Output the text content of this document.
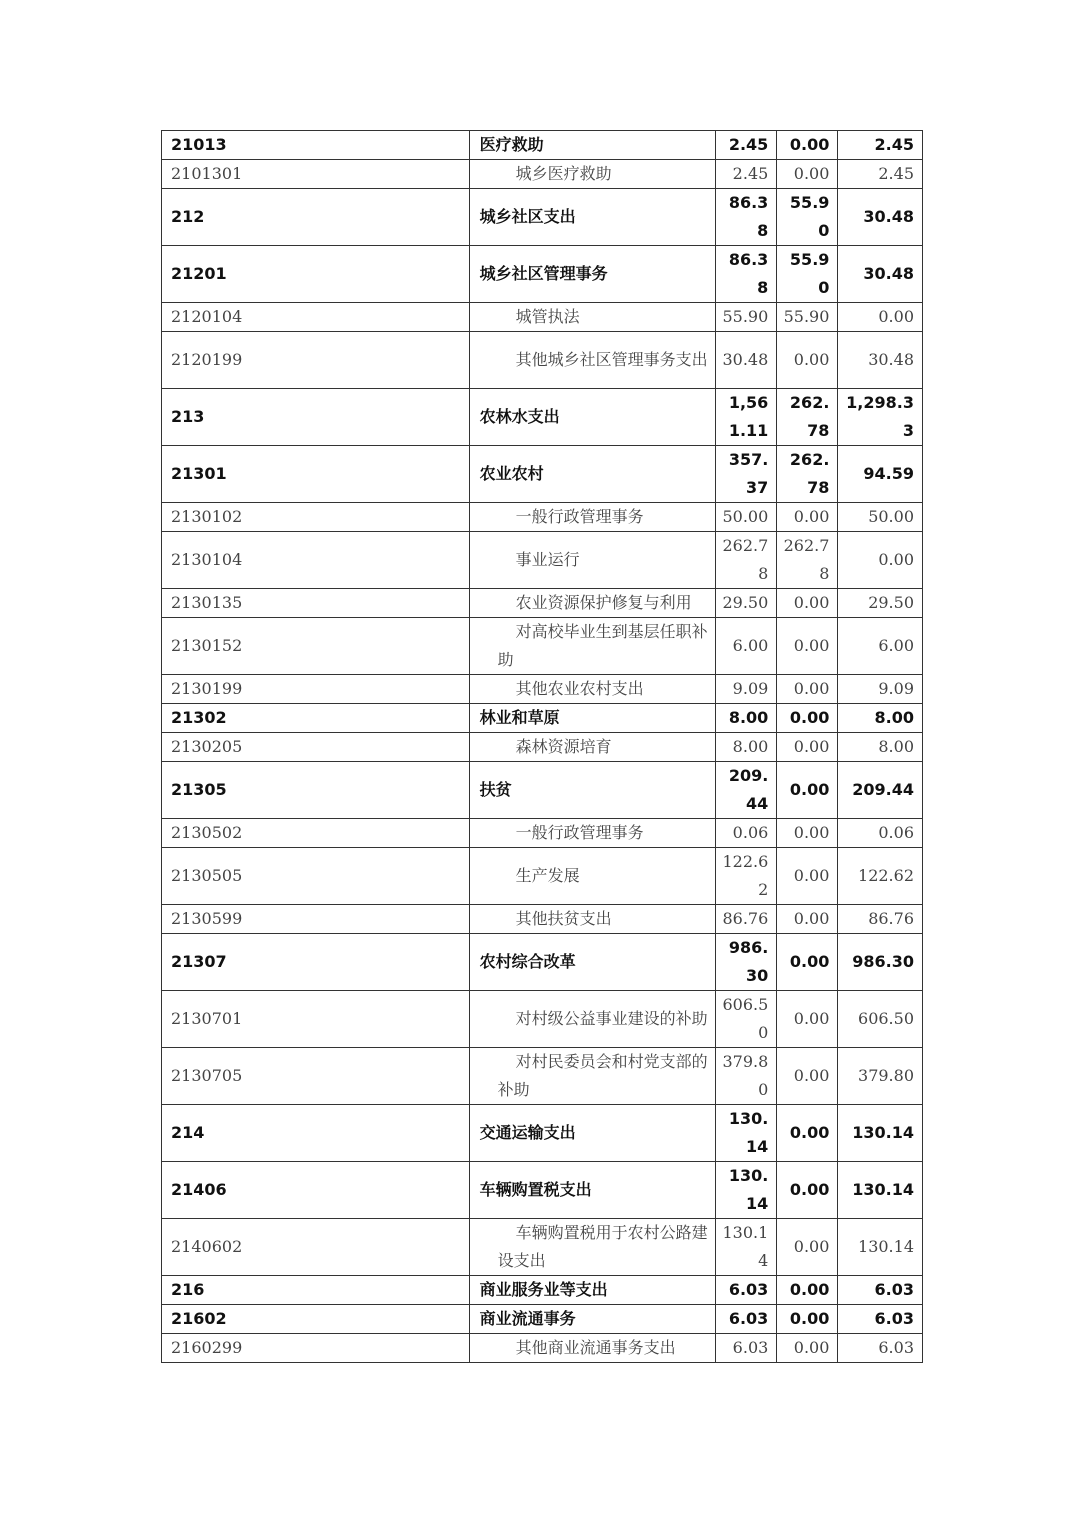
21013	医疗救助	2.45	0.00	2.45
2101301	城乡医疗救助	2.45	0.00	2.45
212	城乡社区支出	86.38	55.90	30.48
21201	城乡社区管理事务	86.38	55.90	30.48
2120104	城管执法	55.90	55.90	0.00
2120199	其他城乡社区管理事务支出	30.48	0.00	30.48
213	农林水支出	1,561.11	262.78	1,298.33
21301	农业农村	357.37	262.78	94.59
2130102	一般行政管理事务	50.00	0.00	50.00
2130104	事业运行	262.78	262.78	0.00
2130135	农业资源保护修复与利用	29.50	0.00	29.50
2130152	对高校毕业生到基层任职补助	6.00	0.00	6.00
2130199	其他农业农村支出	9.09	0.00	9.09
21302	林业和草原	8.00	0.00	8.00
2130205	森林资源培育	8.00	0.00	8.00
21305	扶贫	209.44	0.00	209.44
2130502	一般行政管理事务	0.06	0.00	0.06
2130505	生产发展	122.62	0.00	122.62
2130599	其他扶贫支出	86.76	0.00	86.76
21307	农村综合改革	986.30	0.00	986.30
2130701	对村级公益事业建设的补助	606.50	0.00	606.50
2130705	对村民委员会和村党支部的补助	379.80	0.00	379.80
214	交通运输支出	130.14	0.00	130.14
21406	车辆购置税支出	130.14	0.00	130.14
2140602	车辆购置税用于农村公路建设支出	130.14	0.00	130.14
216	商业服务业等支出	6.03	0.00	6.03
21602	商业流通事务	6.03	0.00	6.03
2160299	其他商业流通事务支出	6.03	0.00	6.03
